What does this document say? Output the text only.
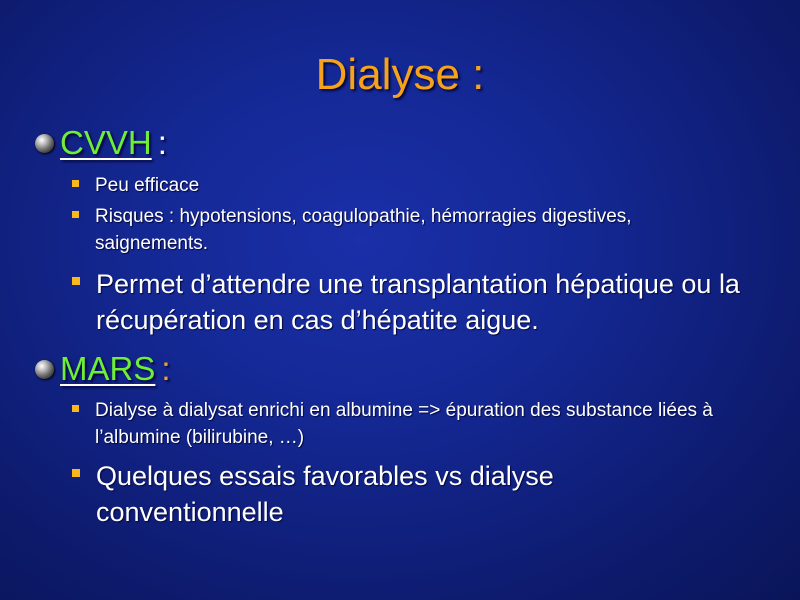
Dialyse :
CVVH :
Peu efficace
Risques : hypotensions, coagulopathie, hémorragies digestives, saignements.
Permet d’attendre une transplantation hépatique ou la récupération en cas d’hépatite aigue.
MARS :
Dialyse à dialysat enrichi en albumine => épuration des substance liées à l’albumine (bilirubine, …)
Quelques essais favorables vs dialyse conventionnelle
